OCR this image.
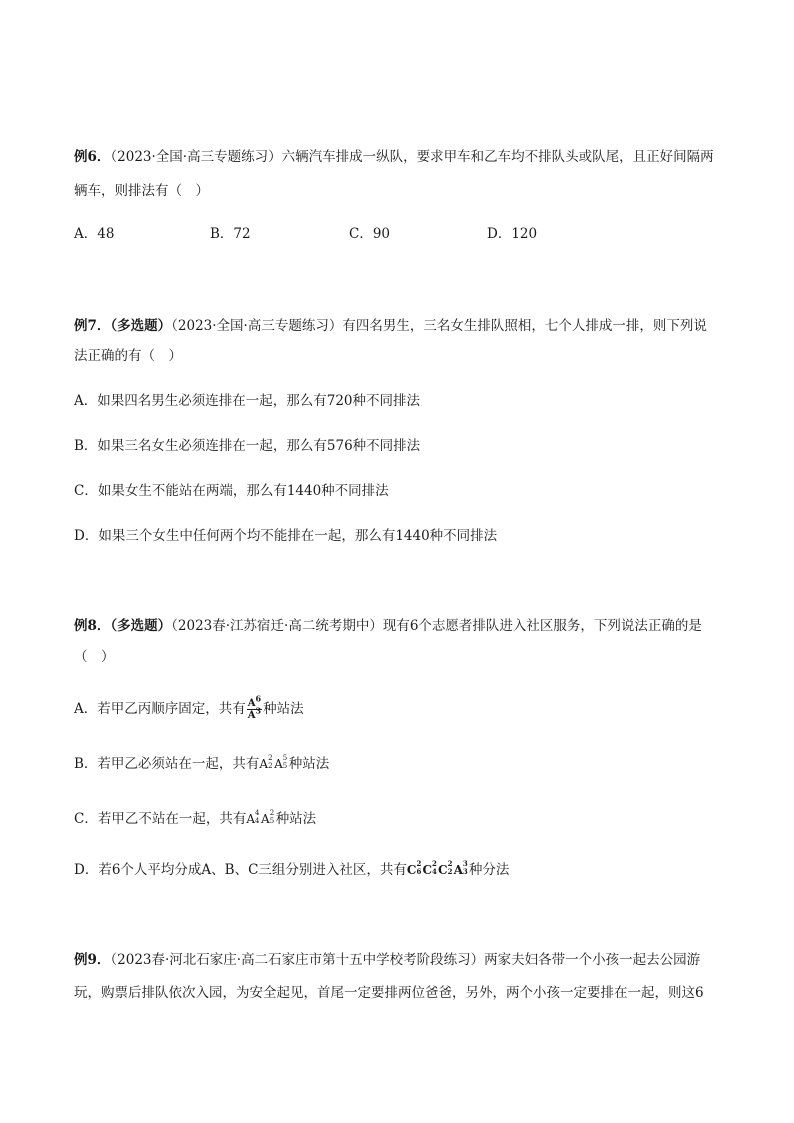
例6．（2023·全国·高三专题练习）六辆汽车排成一纵队，要求甲车和乙车均不排队头或队尾，且正好间隔两
辆车，则排法有（　）
A．48	B．72	C．90	D．120
例7．（多选题）（2023·全国·高三专题练习）有四名男生，三名女生排队照相，七个人排成一排，则下列说
法正确的有（　）
A．如果四名男生必须连排在一起，那么有720种不同排法
B．如果三名女生必须连排在一起，那么有576种不同排法
C．如果女生不能站在两端，那么有1440种不同排法
D．如果三个女生中任何两个均不能排在一起，那么有1440种不同排法
例8．（多选题）（2023春·江苏宿迁·高二统考期中）现有6个志愿者排队进入社区服务，下列说法正确的是
（　）
A．若甲乙丙顺序固定，共有 $\frac{A^6}{A^3}$ 种站法
B．若甲乙必须站在一起，共有A 2
2 A 5
5 种站法
C．若甲乙不站在一起，共有A 4
4 A 2
5 种站法
D．若6个人平均分成A、B、C三组分别进入社区，共有C 2
6 C 2
4 C 2
2 A 3
3 种分法
例9．（2023春·河北石家庄·高二石家庄市第十五中学校考阶段练习）两家夫妇各带一个小孩一起去公园游
玩，购票后排队依次入园，为安全起见，首尾一定要排两位爸爸，另外，两个小孩一定要排在一起，则这6
